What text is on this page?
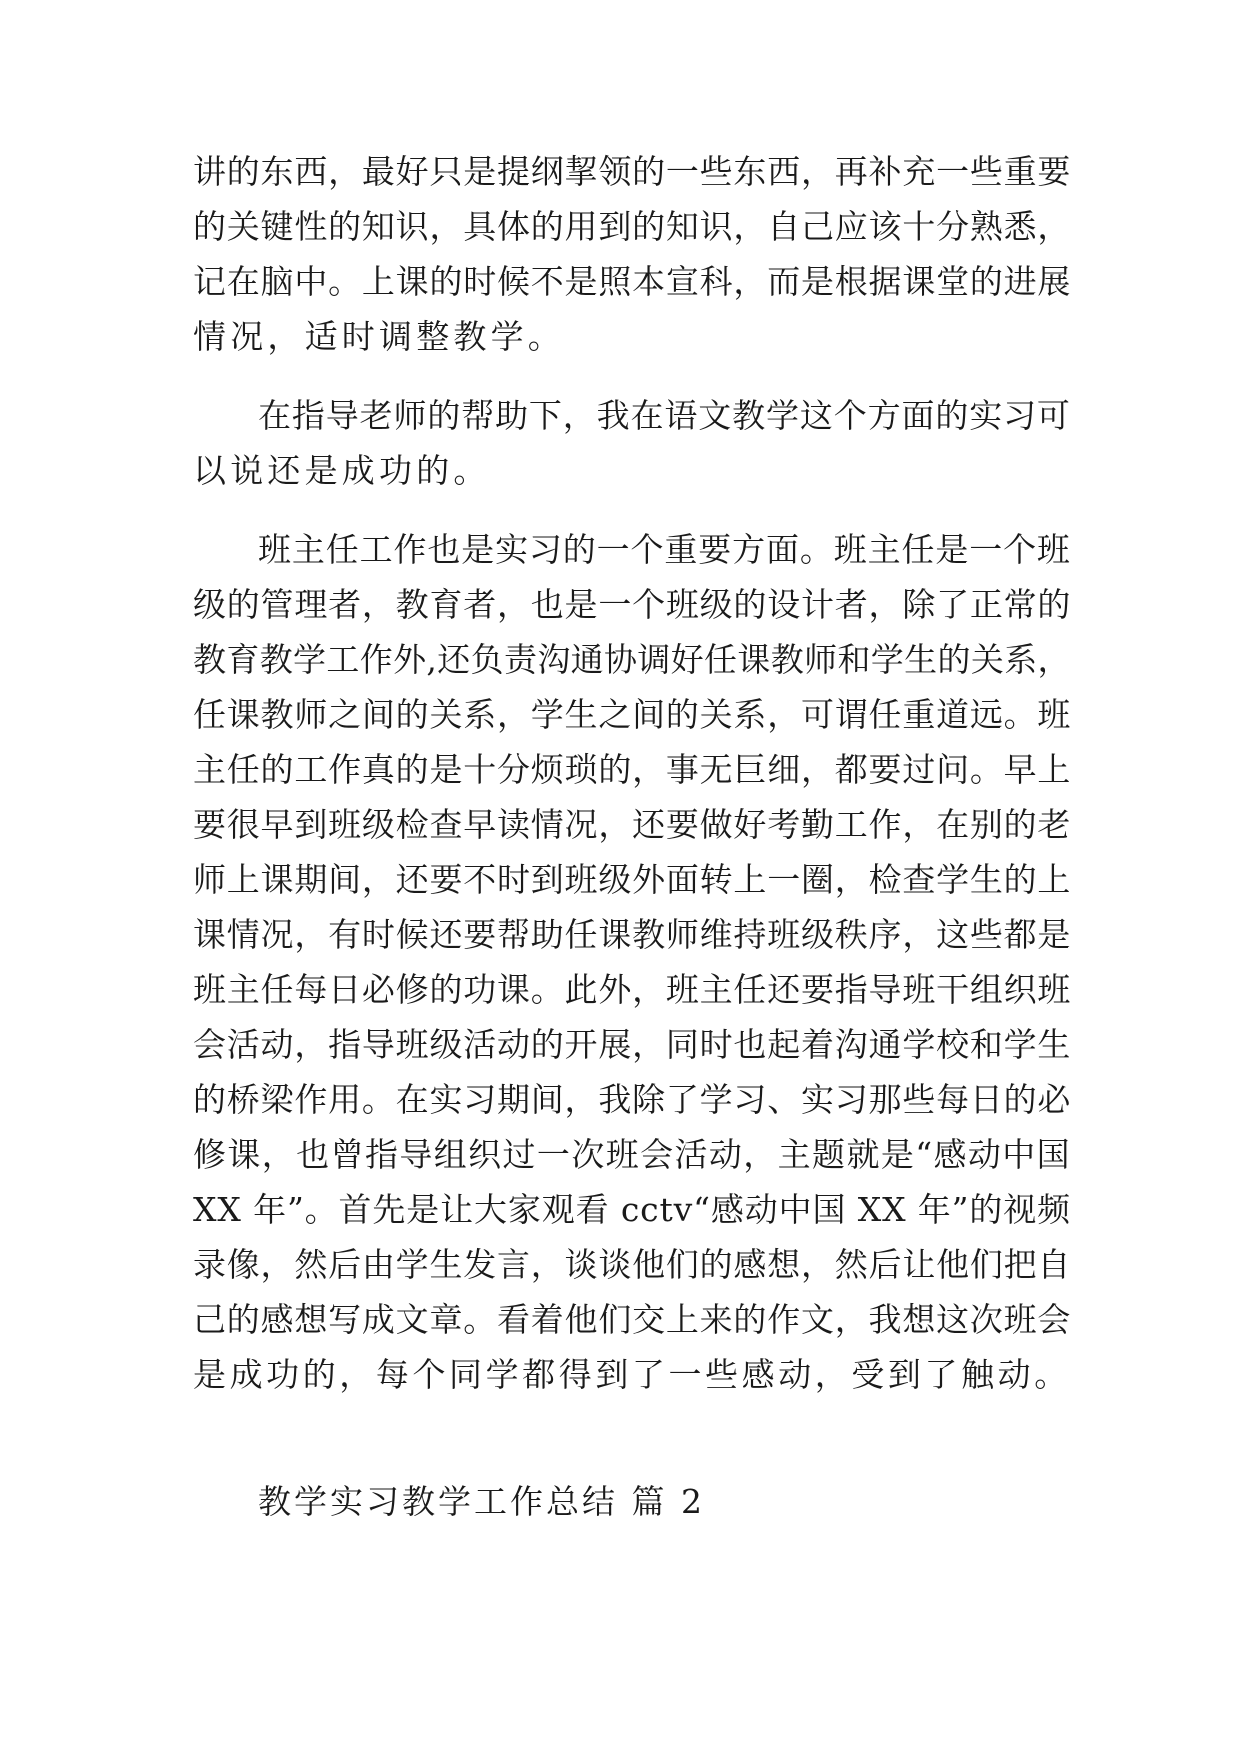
讲的东西，最好只是提纲挈领的一些东西，再补充一些重要
的关键性的知识，具体的用到的知识，自己应该十分熟悉，
记在脑中。上课的时候不是照本宣科，而是根据课堂的进展
情况，适时调整教学。
在指导老师的帮助下，我在语文教学这个方面的实习可
以说还是成功的。
班主任工作也是实习的一个重要方面。班主任是一个班
级的管理者，教育者，也是一个班级的设计者，除了正常的
教育教学工作外,还负责沟通协调好任课教师和学生的关系，
任课教师之间的关系，学生之间的关系，可谓任重道远。班
主任的工作真的是十分烦琐的，事无巨细，都要过问。早上
要很早到班级检查早读情况，还要做好考勤工作，在别的老
师上课期间，还要不时到班级外面转上一圈，检查学生的上
课情况，有时候还要帮助任课教师维持班级秩序，这些都是
班主任每日必修的功课。此外，班主任还要指导班干组织班
会活动，指导班级活动的开展，同时也起着沟通学校和学生
的桥梁作用。在实习期间，我除了学习、实习那些每日的必
修课，也曾指导组织过一次班会活动，主题就是“感动中国
XX 年”。首先是让大家观看 cctv“感动中国 XX 年”的视频
录像，然后由学生发言，谈谈他们的感想，然后让他们把自
己的感想写成文章。看着他们交上来的作文，我想这次班会
是成功的，每个同学都得到了一些感动，受到了触动。
教学实习教学工作总结 篇 2
